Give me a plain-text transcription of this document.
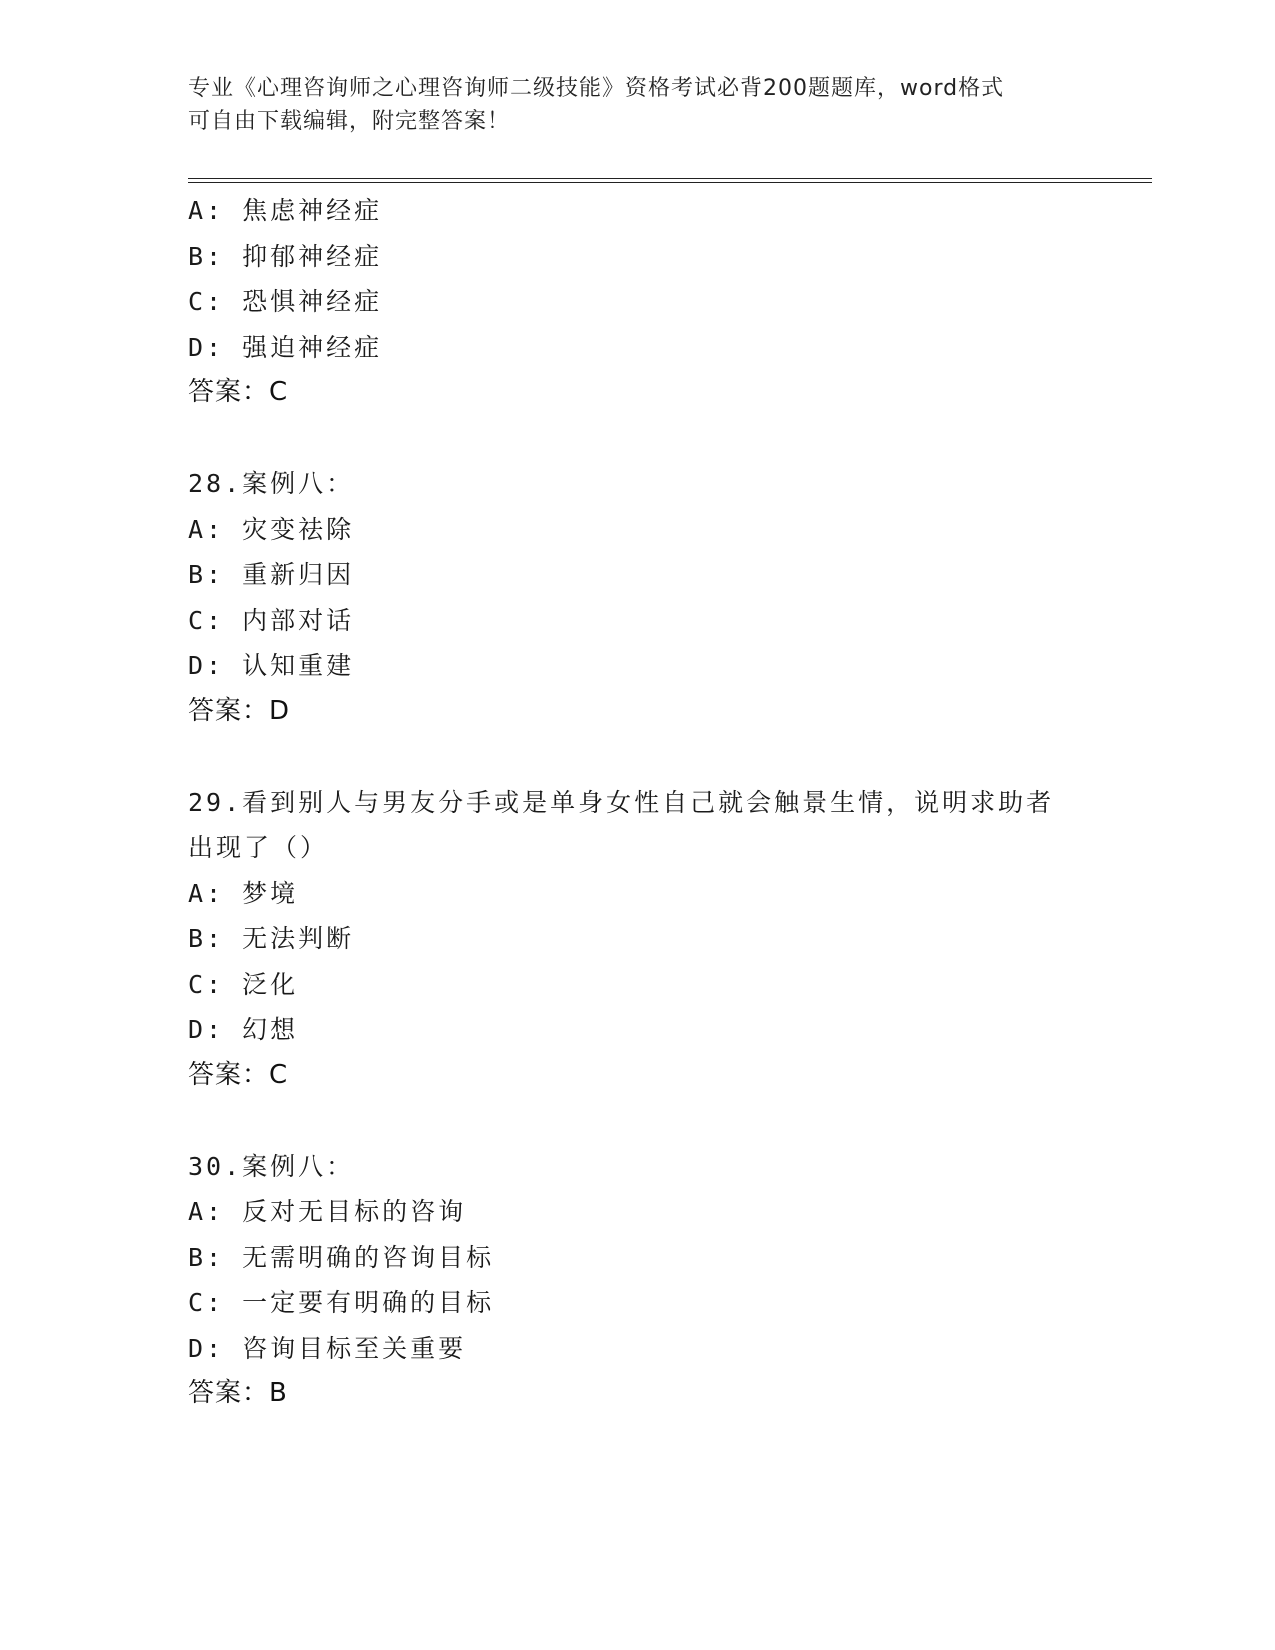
专业《心理咨询师之心理咨询师二级技能》资格考试必背200题题库，word格式
可自由下载编辑，附完整答案！
A: 焦虑神经症
B: 抑郁神经症
C: 恐惧神经症
D: 强迫神经症
答案：C
28.案例八：
A: 灾变祛除
B: 重新归因
C: 内部对话
D: 认知重建
答案：D
29.看到别人与男友分手或是单身女性自己就会触景生情，说明求助者
出现了（）
A: 梦境
B: 无法判断
C: 泛化
D: 幻想
答案：C
30.案例八：
A: 反对无目标的咨询
B: 无需明确的咨询目标
C: 一定要有明确的目标
D: 咨询目标至关重要
答案：B
